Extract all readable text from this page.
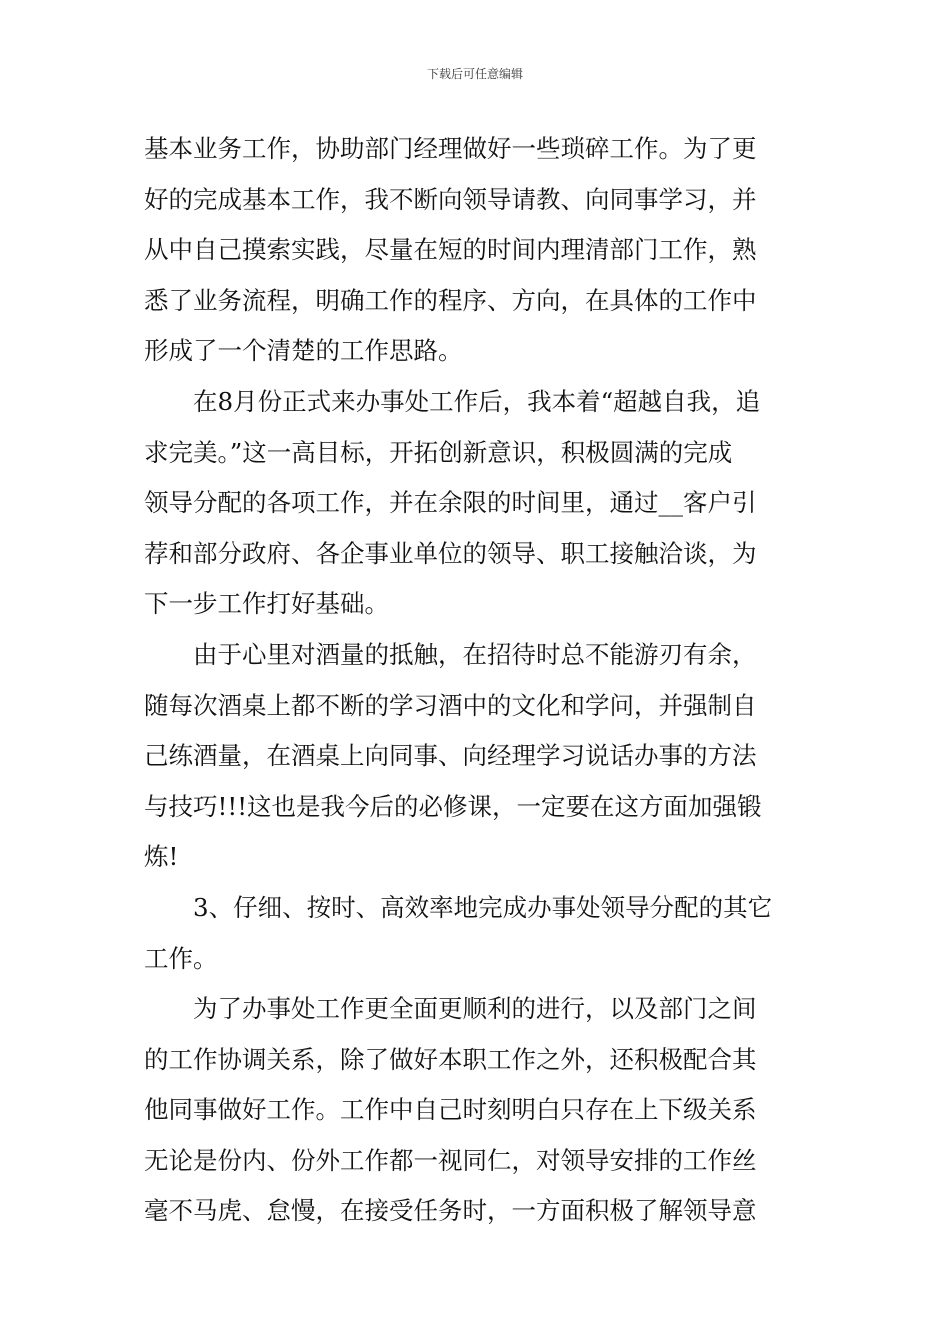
下载后可任意编辑
基本业务工作，协助部门经理做好一些琐碎工作。为了更
好的完成基本工作，我不断向领导请教、向同事学习，并
从中自己摸索实践，尽量在短的时间内理清部门工作，熟
悉了业务流程，明确工作的程序、方向，在具体的工作中
形成了一个清楚的工作思路。
在8月份正式来办事处工作后，我本着“超越自我，追
求完美。”这一高目标，开拓创新意识，积极圆满的完成
领导分配的各项工作，并在余限的时间里，通过__客户引
荐和部分政府、各企事业单位的领导、职工接触洽谈，为
下一步工作打好基础。
由于心里对酒量的抵触，在招待时总不能游刃有余，
随每次酒桌上都不断的学习酒中的文化和学问，并强制自
己练酒量，在酒桌上向同事、向经理学习说话办事的方法
与技巧!!!这也是我今后的必修课，一定要在这方面加强锻
炼!
3、仔细、按时、高效率地完成办事处领导分配的其它
工作。
为了办事处工作更全面更顺利的进行，以及部门之间
的工作协调关系，除了做好本职工作之外，还积极配合其
他同事做好工作。工作中自己时刻明白只存在上下级关系
无论是份内、份外工作都一视同仁，对领导安排的工作丝
毫不马虎、怠慢，在接受任务时，一方面积极了解领导意
